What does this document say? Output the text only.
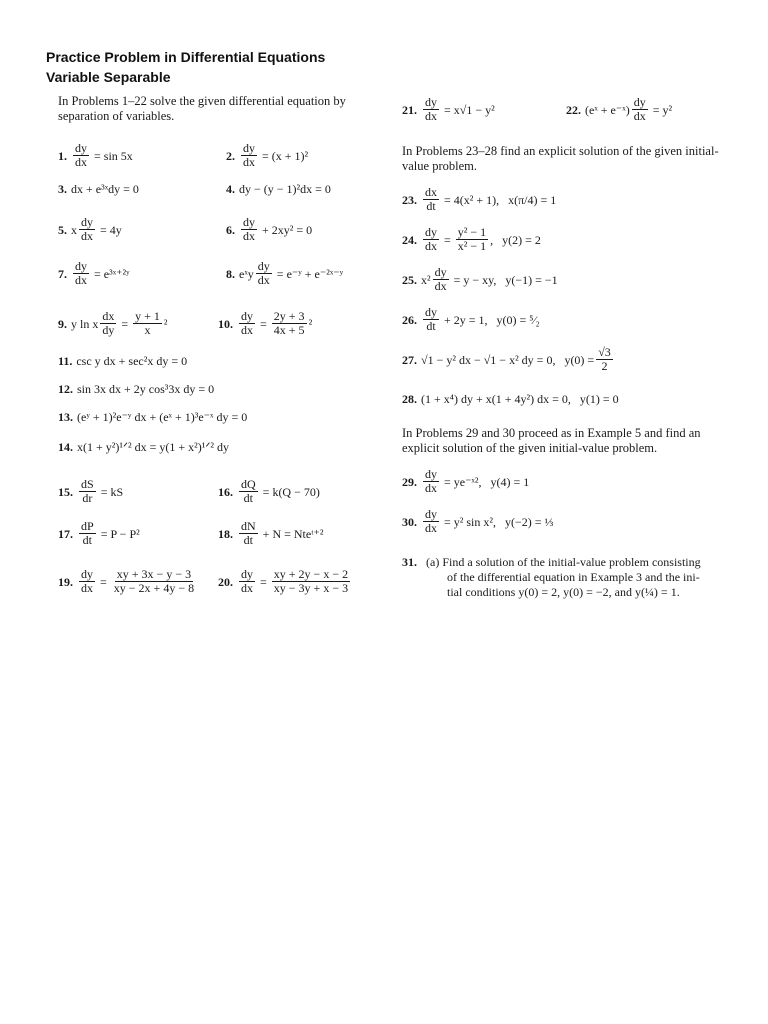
Practice Problem in Differential Equations
Variable Separable
In Problems 1–22 solve the given differential equation by separation of variables.
1. $\frac{dy}{dx} = \sin 5x$	2. $\frac{dy}{dx} = (x + 1)^2$
3. dx + e³ˣdy = 0	4. dy − (y − 1)²dx = 0
5. x $\frac{dy}{dx} = 4y$	6. $\frac{dy}{dx} + 2xy^2 = 0$
7. $\frac{dy}{dx}$ = e³ˣ⁺²ʸ	8. eˣy $\frac{dy}{dx}$ = e⁻ʸ + e⁻²ˣ⁻ʸ
9. y ln x $\frac{dx}{dy} = \frac{y + 1}{x} ^2$	10. $\frac{dy}{dx} = \frac{2y + 3}{4x + 5} ^2$
11. csc y dx + sec²x dy = 0
12. sin 3x dx + 2y cos³3x dy = 0
13. (eʸ + 1)²e⁻ʸ dx + (eˣ + 1)³e⁻ˣ dy = 0
14. x(1 + y²)¹ᐟ² dx = y(1 + x²)¹ᐟ² dy
15. $\frac{dS}{dr}$ = kS	16. $\frac{dQ}{dt} = k(Q - 70)$
17. $\frac{dP}{dt} = P - P^2$	18. $\frac{dN}{dt} + N$ = Nteᵗ⁺²
19. $\frac{dy}{dx} = \frac{xy + 3x - y - 3}{xy - 2x + 4y - 8} 20$. $\frac{dy}{dx} = \frac{xy + 2y - x - 2}{xy - 3y + x - 3}$
21. $\frac{dy}{dx} = x√1 - y^2$	22. (eˣ + e⁻ˣ) $\frac{dy}{dx} = y^2$
In Problems 23–28 find an explicit solution of the given initial-value problem.
23. $\frac{dx}{dt} = 4(x^2 + 1)$,   x(π/4) = 1
24. $\frac{dy}{dx} = \frac{\text{y² − 1}}{\text{x² − 1}}$ ,   y(2) = 2
25. $x^2 \frac{dy}{dx} = y$ − xy,   y(−1) = −1
26. $\frac{dy}{dt} + 2y = 1$,   y(0) = ⁵⁄₂
27. √1 − y² dx − √1 − x² dy = 0,   $y(0) = \frac{√3}{2}$
28. (1 + x⁴) dy + x(1 + 4y²) dx = 0,   y(1) = 0
In Problems 29 and 30 proceed as in Example 5 and find an explicit solution of the given initial-value problem.
29. $\frac{dy}{dx}$ = ye⁻ˣ²,   y(4) = 1
30. $\frac{dy}{dx} = y^2$ sin x²,   y(−2) = ⅓
31. (a) Find a solution of the initial-value problem consisting
of the differential equation in Example 3 and the ini-
tial conditions y(0) = 2, y(0) = −2, and y(¼) = 1.
